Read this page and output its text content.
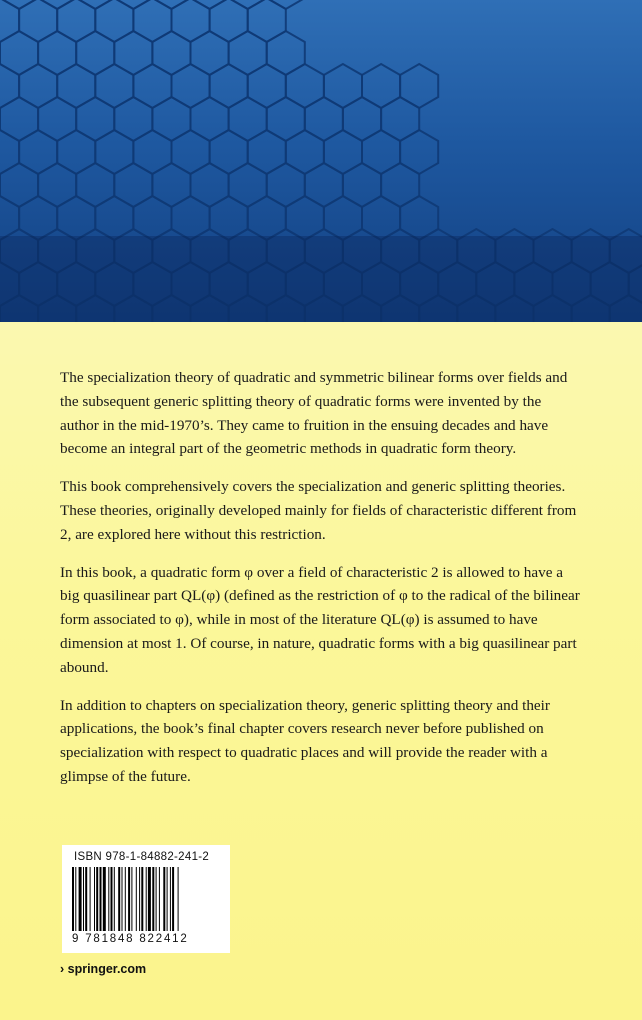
The specialization theory of quadratic and symmetric bilinear forms over fields and the subsequent generic splitting theory of quadratic forms were invented by the author in the mid-1970’s. They came to fruition in the ensuing decades and have become an integral part of the geometric methods in quadratic form theory.

This book comprehensively covers the specialization and generic splitting theories. These theories, originally developed mainly for fields of characteristic different from 2, are explored here without this restriction.

In this book, a quadratic form φ over a field of characteristic 2 is allowed to have a big quasilinear part QL(φ) (defined as the restriction of φ to the radical of the bilinear form associated to φ), while in most of the literature QL(φ) is assumed to have dimension at most 1. Of course, in nature, quadratic forms with a big quasilinear part abound.

In addition to chapters on specialization theory, generic splitting theory and their applications, the book’s final chapter covers research never before published on specialization with respect to quadratic places and will provide the reader with a glimpse of the future.

ISBN 978-1-84882-241-2
9 781848 822412
› springer.com
